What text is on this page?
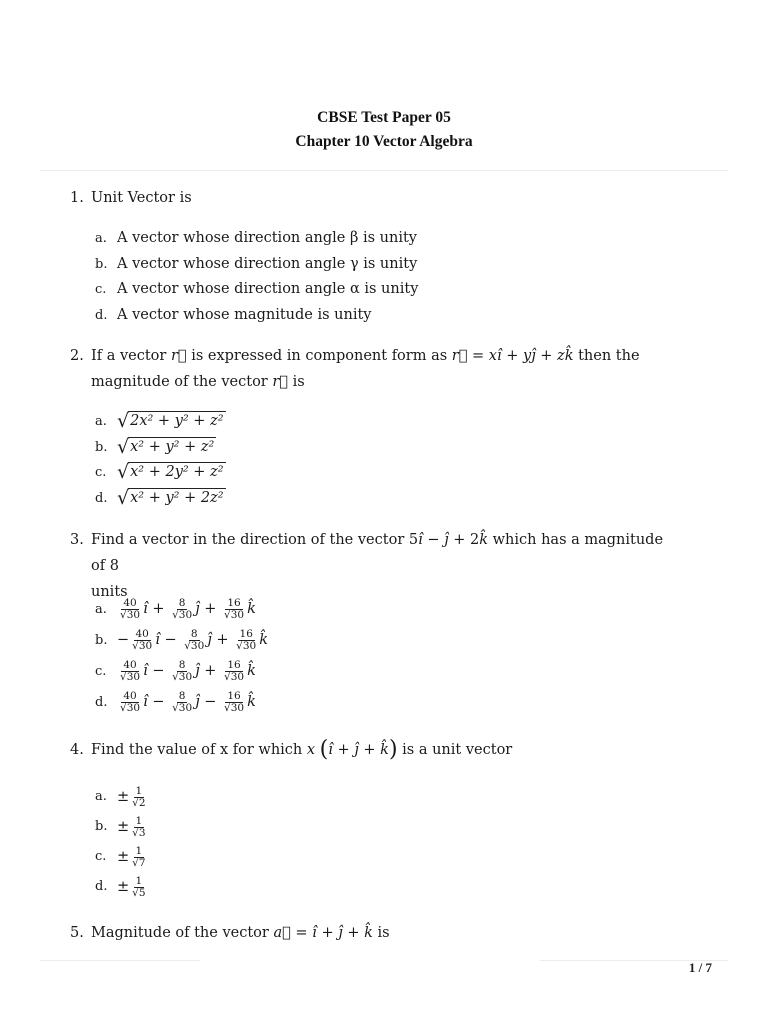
CBSE Test Paper 05
Chapter 10 Vector Algebra
1. Unit Vector is
a. A vector whose direction angle β is unity
b. A vector whose direction angle γ is unity
c. A vector whose direction angle α is unity
d. A vector whose magnitude is unity
2. If a vector r⃗ is expressed in component form as r⃗ = xî + yĵ + zk̂ then the
magnitude of the vector r⃗ is
a. √2x² + y² + z²
b. √x² + y² + z²
c. √x² + 2y² + z²
d. √x² + y² + 2z²
3. Find a vector in the direction of the vector 5î − ĵ + 2k̂ which has a magnitude of 8
units
a.	$\frac{40}{√30}$ î + $\frac{8}{√30}$ ĵ + $\frac{16}{√30}$ k̂
b. − $\frac{40}{√30}$ î − $\frac{8}{√30}$ ĵ + $\frac{16}{√30}$ k̂
c.	$\frac{40}{√30}$ î − $\frac{8}{√30}$ ĵ + $\frac{16}{√30}$ k̂
d.	$\frac{40}{√30}$ î − $\frac{8}{√30}$ ĵ − $\frac{16}{√30}$ k̂
4. Find the value of x for which x (î + ĵ + k̂) is a unit vector
a. ± $\frac{1}{√2}$
b. ± $\frac{1}{√3}$
c. ± $\frac{1}{√7}$
d. ± $\frac{1}{√5}$
5. Magnitude of the vector a⃗ = î + ĵ + k̂ is
1 / 7
